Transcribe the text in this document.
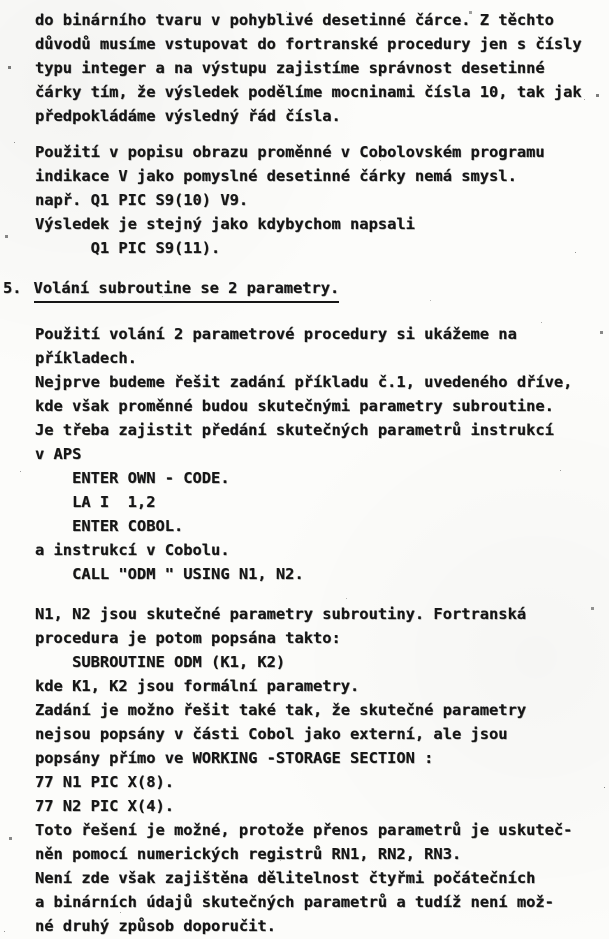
do binárního tvaru v pohyblivé desetinné čárce. Z těchto
důvodů musíme vstupovat do fortranské procedury jen s čísly
typu integer a na výstupu zajistíme správnost desetinné
čárky tím, že výsledek podělíme mocninami čísla 10, tak jak
předpokládáme výsledný řád čísla.
Použití v popisu obrazu proměnné v Cobolovském programu
indikace V jako pomyslné desetinné čárky nemá smysl.
např. Q1 PIC S9(10) V9.
Výsledek je stejný jako kdybychom napsali
Q1 PIC S9(11).
5. Volání subroutine se 2 parametry.
Použití volání 2 parametrové procedury si ukážeme na
příkladech.
Nejprve budeme řešit zadání příkladu č.1, uvedeného dříve,
kde však proměnné budou skutečnými parametry subroutine.
Je třeba zajistit předání skutečných parametrů instrukcí
v APS
ENTER OWN - CODE.
LA I  1,2
ENTER COBOL.
a instrukcí v Cobolu.
CALL "ODM " USING N1, N2.
N1, N2 jsou skutečné parametry subroutiny. Fortranská
procedura je potom popsána takto:
SUBROUTINE ODM (K1, K2)
kde K1, K2 jsou formální parametry.
Zadání je možno řešit také tak, že skutečné parametry
nejsou popsány v části Cobol jako externí, ale jsou
popsány přímo ve WORKING -STORAGE SECTION :
77 N1 PIC X(8).
77 N2 PIC X(4).
Toto řešení je možné, protože přenos parametrů je uskuteč-
něn pomocí numerických registrů RN1, RN2, RN3.
Není zde však zajištěna dělitelnost čtyřmi počátečních
a binárních údajů skutečných parametrů a tudíž není mož-
né druhý způsob doporučit.
